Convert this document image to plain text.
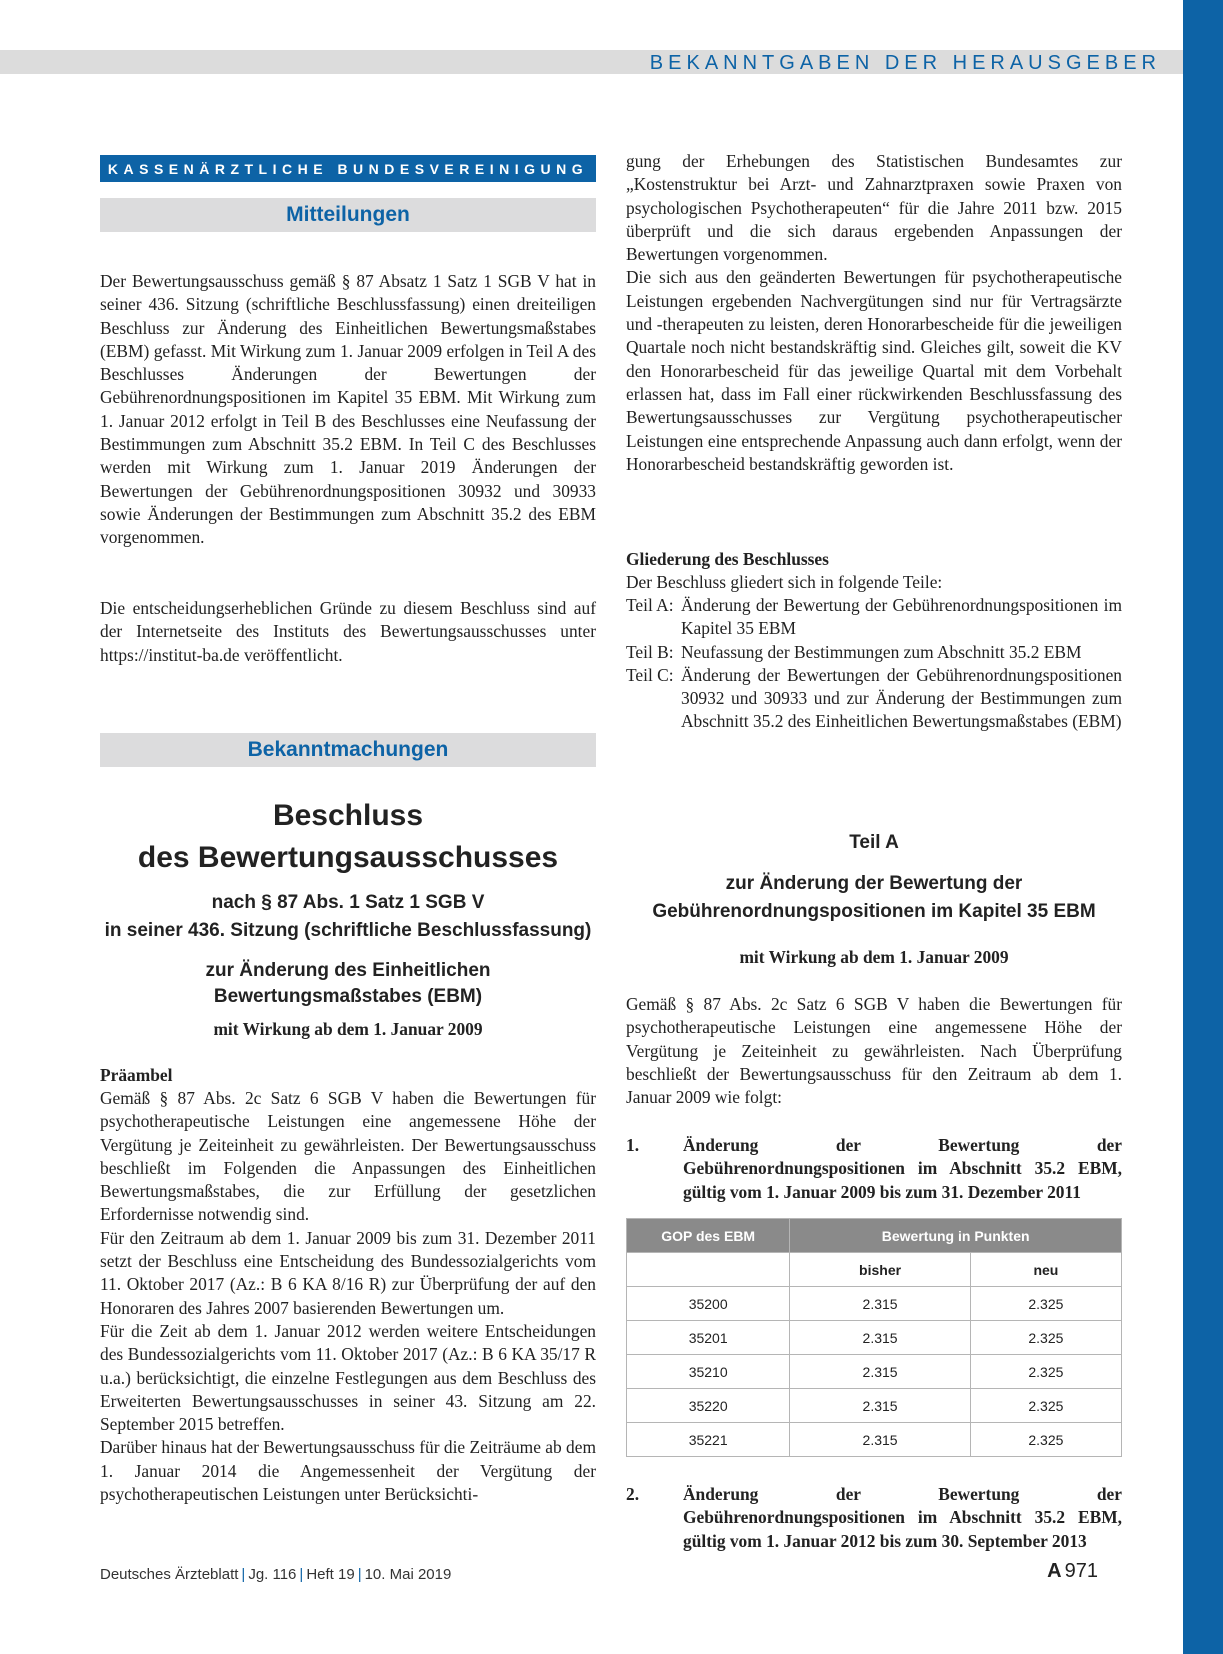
BEKANNTGABEN DER HERAUSGEBER
KASSENÄRZTLICHE BUNDESVEREINIGUNG
Mitteilungen

Der Bewertungsausschuss gemäß § 87 Absatz 1 Satz 1 SGB V hat in seiner 436. Sitzung (schriftliche Beschlussfassung) einen dreiteiligen Beschluss zur Änderung des Einheitlichen Bewertungsmaßstabes (EBM) gefasst. Mit Wirkung zum 1. Januar 2009 erfolgen in Teil A des Beschlusses Änderungen der Bewertungen der Gebührenordnungspositionen im Kapitel 35 EBM. Mit Wirkung zum 1. Januar 2012 erfolgt in Teil B des Beschlusses eine Neufassung der Bestimmungen zum Abschnitt 35.2 EBM. In Teil C des Beschlusses werden mit Wirkung zum 1. Januar 2019 Änderungen der Bewertungen der Gebührenordnungspositionen 30932 und 30933 sowie Änderungen der Bestimmungen zum Abschnitt 35.2 des EBM vorgenommen.

Die entscheidungserheblichen Gründe zu diesem Beschluss sind auf der Internetseite des Instituts des Bewertungsausschusses unter https://institut-ba.de veröffentlicht.

Bekanntmachungen
Beschluss
des Bewertungsausschusses
nach § 87 Abs. 1 Satz 1 SGB V
in seiner 436. Sitzung (schriftliche Beschlussfassung)
zur Änderung des Einheitlichen Bewertungsmaßstabes (EBM)
mit Wirkung ab dem 1. Januar 2009
Präambel

Gemäß § 87 Abs. 2c Satz 6 SGB V haben die Bewertungen für psychotherapeutische Leistungen eine angemessene Höhe der Vergütung je Zeiteinheit zu gewährleisten. Der Bewertungsausschuss beschließt im Folgenden die Anpassungen des Einheitlichen Bewertungsmaßstabes, die zur Erfüllung der gesetzlichen Erfordernisse notwendig sind.

Für den Zeitraum ab dem 1. Januar 2009 bis zum 31. Dezember 2011 setzt der Beschluss eine Entscheidung des Bundessozialgerichts vom 11. Oktober 2017 (Az.: B 6 KA 8/16 R) zur Überprüfung der auf den Honoraren des Jahres 2007 basierenden Bewertungen um.

Für die Zeit ab dem 1. Januar 2012 werden weitere Entscheidungen des Bundessozialgerichts vom 11. Oktober 2017 (Az.: B 6 KA 35/17 R u.a.) berücksichtigt, die einzelne Festlegungen aus dem Beschluss des Erweiterten Bewertungsausschusses in seiner 43. Sitzung am 22. September 2015 betreffen.

Darüber hinaus hat der Bewertungsausschuss für die Zeiträume ab dem 1. Januar 2014 die Angemessenheit der Vergütung der psychotherapeutischen Leistungen unter Berücksichti-

gung der Erhebungen des Statistischen Bundesamtes zur „Kostenstruktur bei Arzt- und Zahnarztpraxen sowie Praxen von psychologischen Psychotherapeuten“ für die Jahre 2011 bzw. 2015 überprüft und die sich daraus ergebenden Anpassungen der Bewertungen vorgenommen.

Die sich aus den geänderten Bewertungen für psychotherapeutische Leistungen ergebenden Nachvergütungen sind nur für Vertragsärzte und -therapeuten zu leisten, deren Honorarbescheide für die jeweiligen Quartale noch nicht bestandskräftig sind. Gleiches gilt, soweit die KV den Honorarbescheid für das jeweilige Quartal mit dem Vorbehalt erlassen hat, dass im Fall einer rückwirkenden Beschlussfassung des Bewertungsausschusses zur Vergütung psychotherapeutischer Leistungen eine entsprechende Anpassung auch dann erfolgt, wenn der Honorarbescheid bestandskräftig geworden ist.

Gliederung des Beschlusses
Der Beschluss gliedert sich in folgende Teile:
Teil A: Änderung der Bewertung der Gebührenordnungspositionen im Kapitel 35 EBM
Teil B: Neufassung der Bestimmungen zum Abschnitt 35.2 EBM
Teil C: Änderung der Bewertungen der Gebührenordnungspositionen 30932 und 30933 und zur Änderung der Bestimmungen zum Abschnitt 35.2 des Einheitlichen Bewertungsmaßstabes (EBM)
Teil A
zur Änderung der Bewertung der
Gebührenordnungspositionen im Kapitel 35 EBM
mit Wirkung ab dem 1. Januar 2009

Gemäß § 87 Abs. 2c Satz 6 SGB V haben die Bewertungen für psychotherapeutische Leistungen eine angemessene Höhe der Vergütung je Zeiteinheit zu gewährleisten. Nach Überprüfung beschließt der Bewertungsausschuss für den Zeitraum ab dem 1. Januar 2009 wie folgt:

1.	Änderung der Bewertung der Gebührenordnungspositionen im Abschnitt 35.2 EBM, gültig vom 1. Januar 2009 bis zum 31. Dezember 2011
GOP des EBM	Bewertung in Punkten	
	bisher	neu
35200	2.315	2.325
35201	2.315	2.325
35210	2.315	2.325
35220	2.315	2.325
35221	2.315	2.325
2.	Änderung der Bewertung der Gebührenordnungspositionen im Abschnitt 35.2 EBM, gültig vom 1. Januar 2012 bis zum 30. September 2013
Deutsches Ärzteblatt | Jg. 116 | Heft 19 | 10. Mai 2019	A 971
